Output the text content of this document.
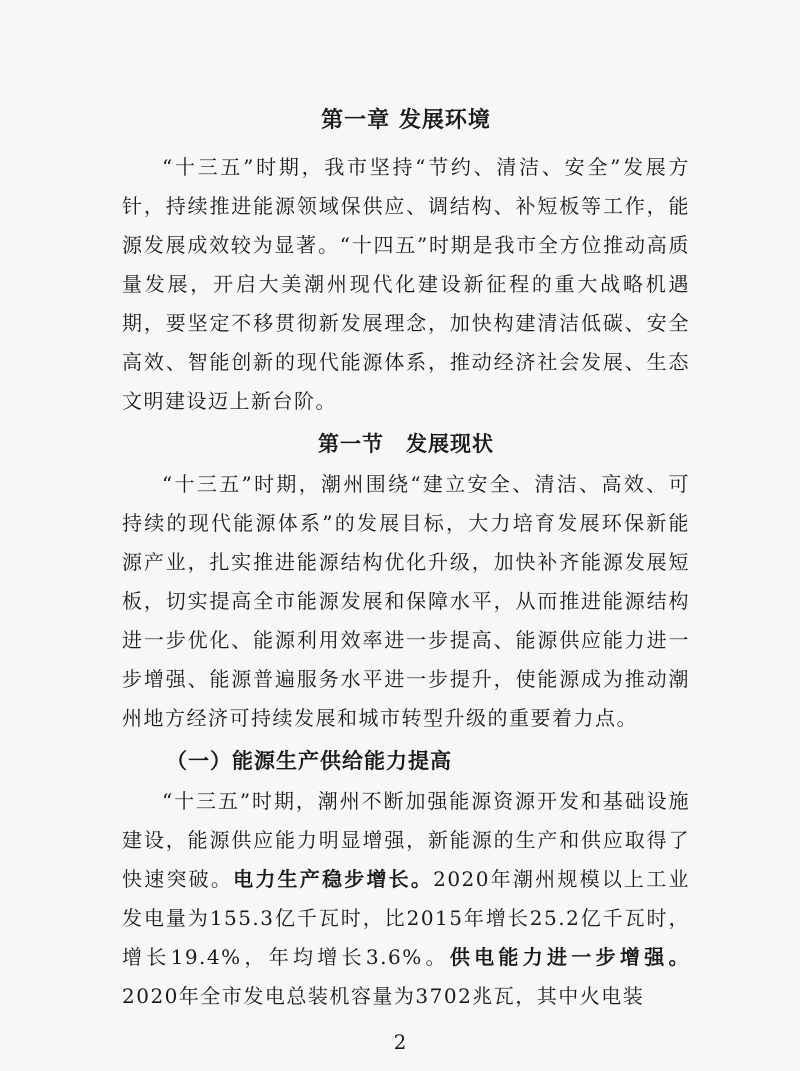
第一章 发展环境

“十三五”时期，我市坚持“节约、清洁、安全”发展方针，持续推进能源领域保供应、调结构、补短板等工作，能源发展成效较为显著。“十四五”时期是我市全方位推动高质量发展，开启大美潮州现代化建设新征程的重大战略机遇期，要坚定不移贯彻新发展理念，加快构建清洁低碳、安全高效、智能创新的现代能源体系，推动经济社会发展、生态文明建设迈上新台阶。

第一节　发展现状

“十三五”时期，潮州围绕“建立安全、清洁、高效、可持续的现代能源体系”的发展目标，大力培育发展环保新能源产业，扎实推进能源结构优化升级，加快补齐能源发展短板，切实提高全市能源发展和保障水平，从而推进能源结构进一步优化、能源利用效率进一步提高、能源供应能力进一步增强、能源普遍服务水平进一步提升，使能源成为推动潮州地方经济可持续发展和城市转型升级的重要着力点。

（一）能源生产供给能力提高

“十三五”时期，潮州不断加强能源资源开发和基础设施建设，能源供应能力明显增强，新能源的生产和供应取得了快速突破。电力生产稳步增长。2020年潮州规模以上工业发电量为155.3亿千瓦时，比2015年增长25.2亿千瓦时，增长19.4%，年均增长3.6%。供电能力进一步增强。2020年全市发电总装机容量为3702兆瓦，其中火电装

2
